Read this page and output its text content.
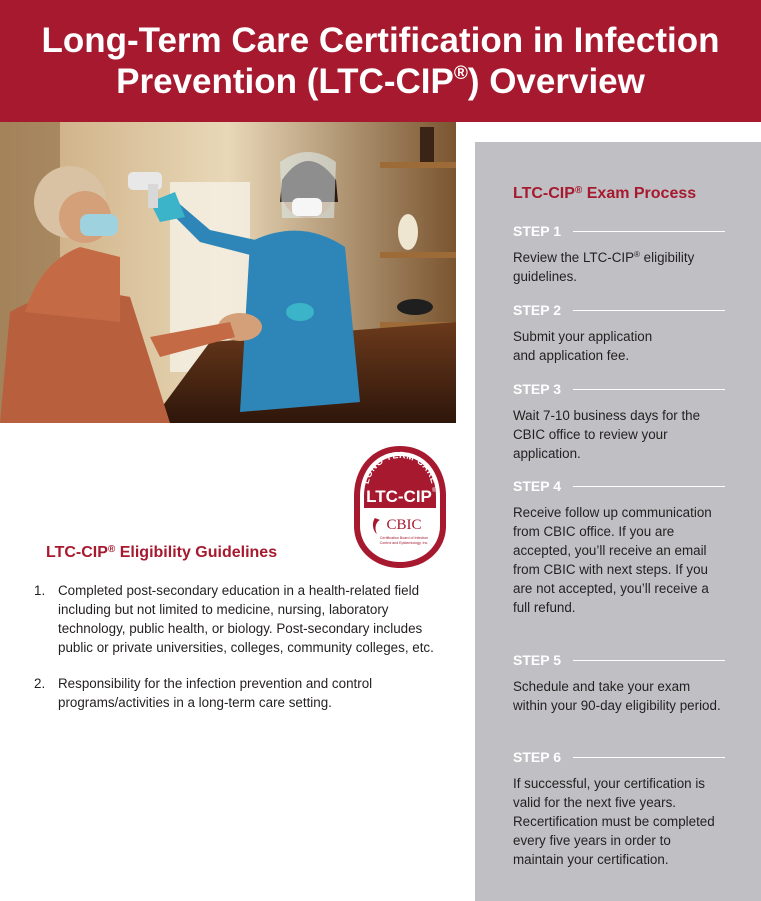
Long-Term Care Certification in Infection Prevention (LTC-CIP®) Overview
LONG TERM CARE
LTC-CIP ®
CBIC
Certification Board of Infection
Control and Epidemiology, Inc.
LTC-CIP® Eligibility Guidelines
1. Completed post-secondary education in a health-related field including but not limited to medicine, nursing, laboratory technology, public health, or biology. Post-secondary includes public or private universities, colleges, community colleges, etc.
2. Responsibility for the infection prevention and control programs/activities in a long-term care setting.
LTC-CIP® Exam Process
STEP 1
Review the LTC-CIP® eligibility guidelines.
STEP 2
Submit your application and application fee.
STEP 3
Wait 7-10 business days for the CBIC office to review your application.
STEP 4
Receive follow up communication from CBIC office. If you are accepted, you’ll receive an email from CBIC with next steps. If you are not accepted, you’ll receive a full refund.
STEP 5
Schedule and take your exam within your 90-day eligibility period.
STEP 6
If successful, your certification is valid for the next five years. Recertification must be completed every five years in order to maintain your certification.
